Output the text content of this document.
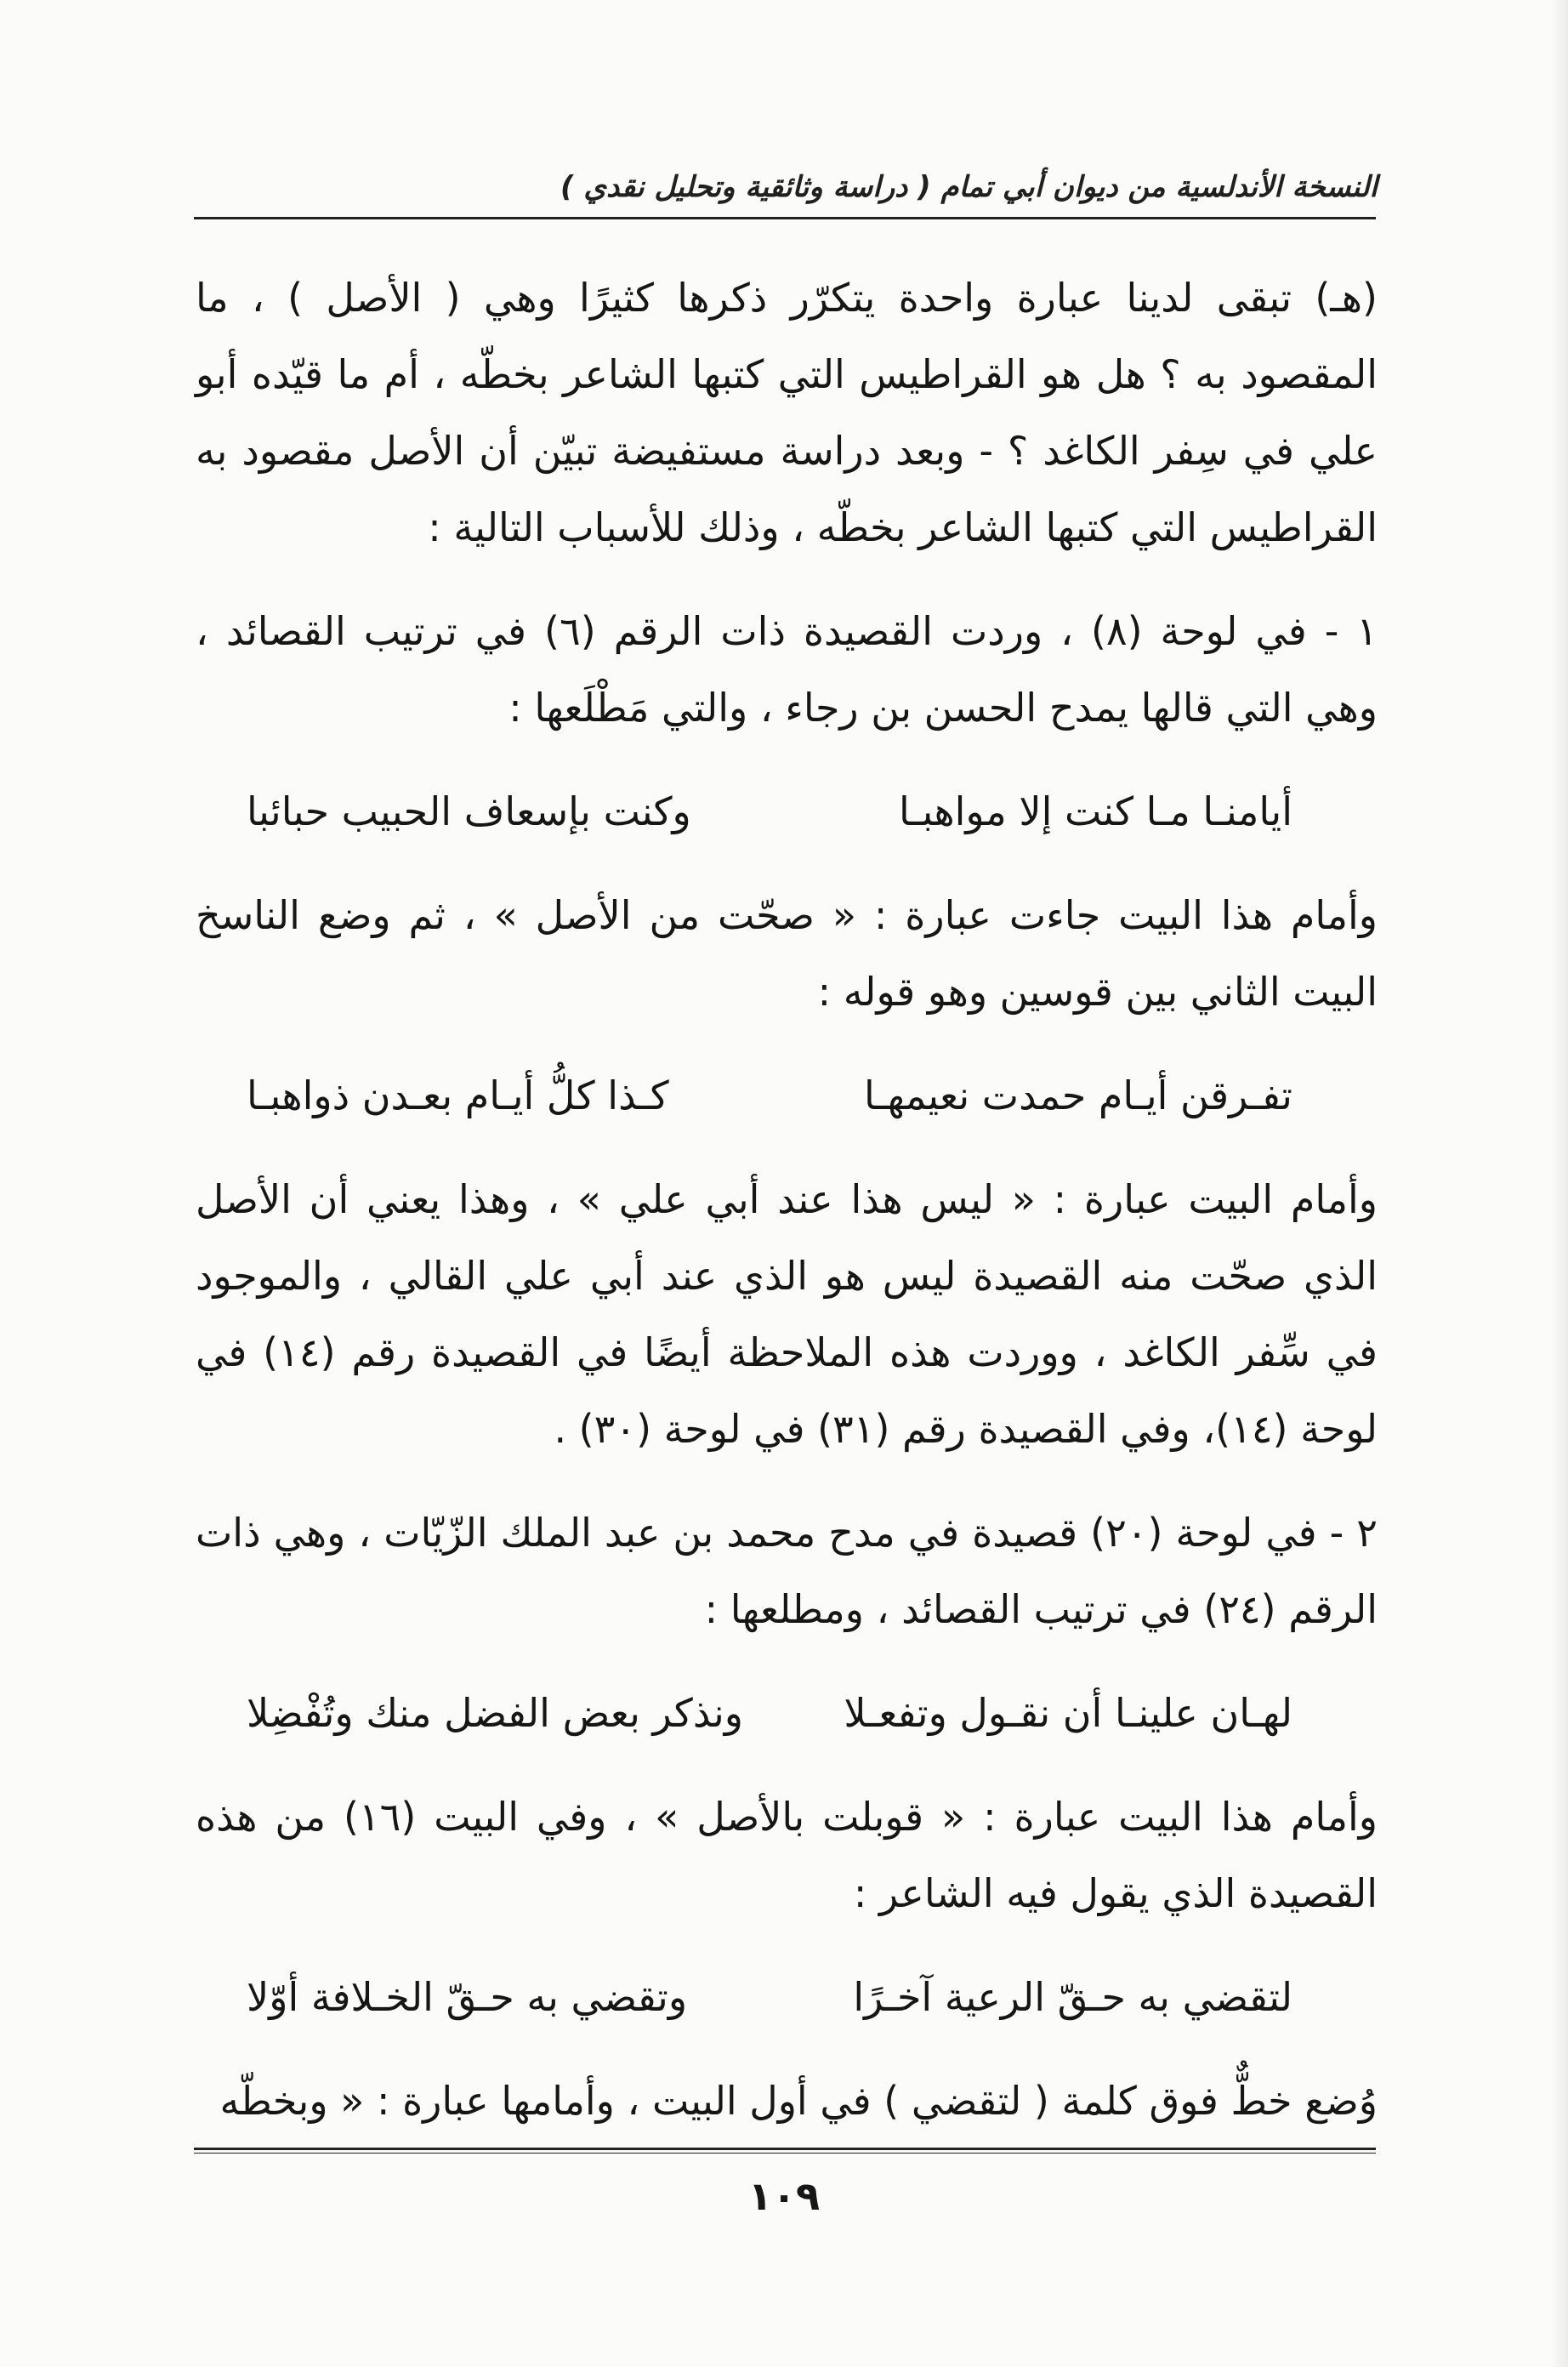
النسخة الأندلسية من ديوان أبي تمام ( دراسة وثائقية وتحليل نقدي )

(هـ) تبقى لدينا عبارة واحدة يتكرّر ذكرها كثيرًا وهي ( الأصل ) ، ما المقصود به ؟ هل هو القراطيس التي كتبها الشاعر بخطّه ، أم ما قيّده أبو علي في سِفر الكاغد ؟ - وبعد دراسة مستفيضة تبيّن أن الأصل مقصود به القراطيس التي كتبها الشاعر بخطّه ، وذلك للأسباب التالية :

١ - في لوحة (٨) ، وردت القصيدة ذات الرقم (٦) في ترتيب القصائد ، وهي التي قالها يمدح الحسن بن رجاء ، والتي مَطْلَعها :

أيامنـا مـا كنت إلا مواهبـا
وكنت بإسعاف الحبيب حبائبا

وأمام هذا البيت جاءت عبارة : « صحّت من الأصل » ، ثم وضع الناسخ البيت الثاني بين قوسين وهو قوله :

تفـرقن أيـام حمدت نعيمهـا
كـذا كلُّ أيـام بعـدن ذواهبـا

وأمام البيت عبارة : « ليس هذا عند أبي علي » ، وهذا يعني أن الأصل الذي صحّت منه القصيدة ليس هو الذي عند أبي علي القالي ، والموجود في سِّفر الكاغد ، ووردت هذه الملاحظة أيضًا في القصيدة رقم (١٤) في لوحة (١٤)، وفي القصيدة رقم (٣١) في لوحة (٣٠) .

٢ - في لوحة (٢٠) قصيدة في مدح محمد بن عبد الملك الزّيّات ، وهي ذات الرقم (٢٤) في ترتيب القصائد ، ومطلعها :

لهـان علينـا أن نقـول وتفعـلا
ونذكر بعض الفضل منك وتُفْضِلا

وأمام هذا البيت عبارة : « قوبلت بالأصل » ، وفي البيت (١٦) من هذه القصيدة الذي يقول فيه الشاعر :

لتقضي به حـقّ الرعية آخـرًا
وتقضي به حـقّ الخـلافة أوّلا

وُضع خطٌّ فوق كلمة ( لتقضي ) في أول البيت ، وأمامها عبارة : « وبخطّه

١٠٩
